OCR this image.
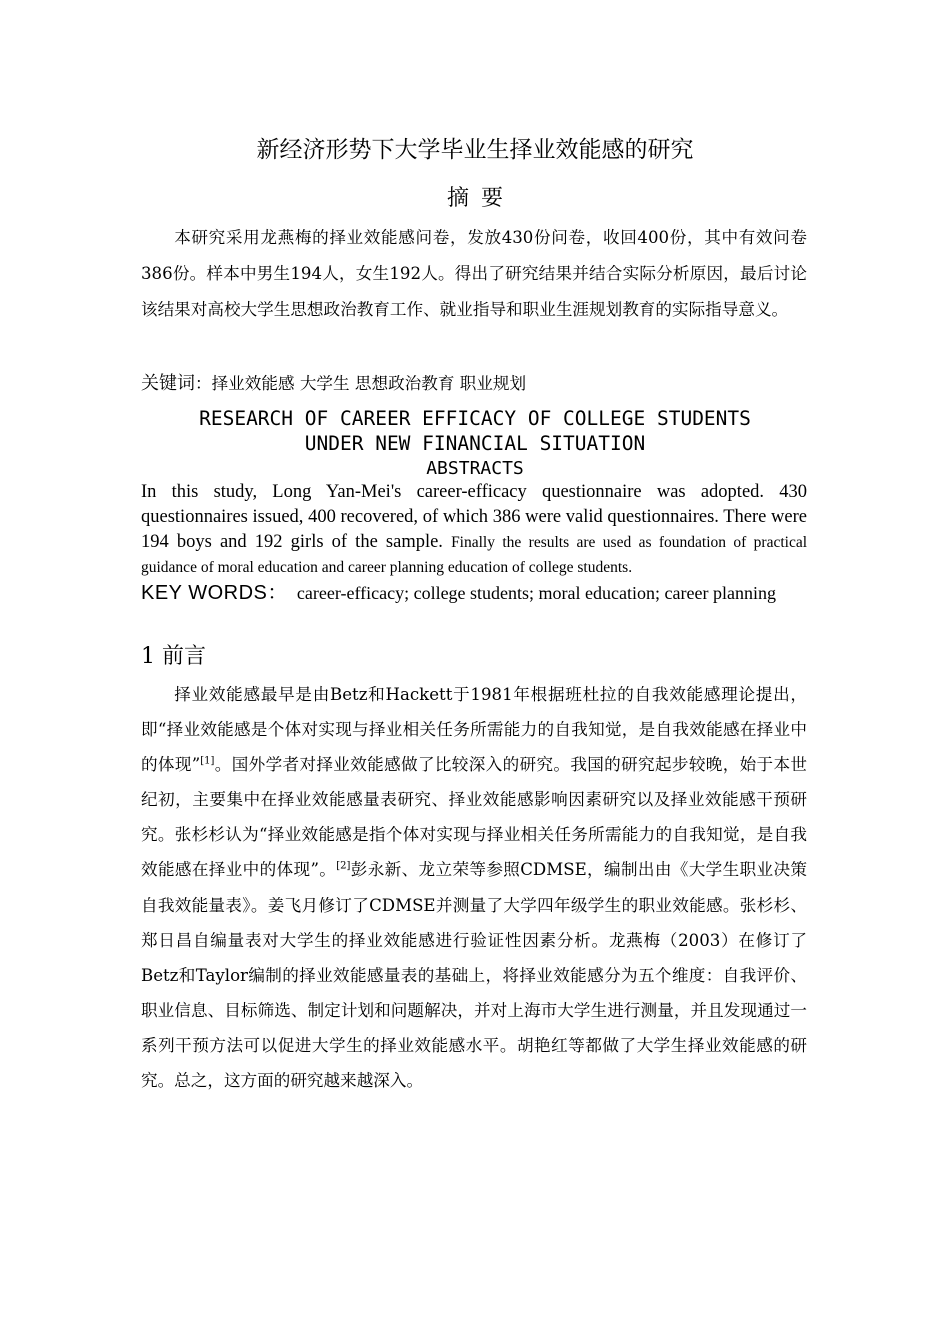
新经济形势下大学毕业生择业效能感的研究
摘要

本研究采用龙燕梅的择业效能感问卷，发放430份问卷，收回400份，其中有效问卷386份。样本中男生194人，女生192人。得出了研究结果并结合实际分析原因，最后讨论该结果对高校大学生思想政治教育工作、就业指导和职业生涯规划教育的实际指导意义。

关键词：择业效能感 大学生 思想政治教育 职业规划
RESEARCH OF CAREER EFFICACY OF COLLEGE STUDENTS
UNDER NEW FINANCIAL SITUATION
ABSTRACTS

In this study, Long Yan-Mei's career-efficacy questionnaire was adopted. 430 questionnaires issued, 400 recovered, of which 386 were valid questionnaires. There were 194 boys and 192 girls of the sample. Finally the results are used as foundation of practical guidance of moral education and career planning education of college students.

KEY WORDS： career-efficacy; college students; moral education; career planning
1 前言

择业效能感最早是由Betz和Hackett于1981年根据班杜拉的自我效能感理论提出，即“择业效能感是个体对实现与择业相关任务所需能力的自我知觉，是自我效能感在择业中的体现”[1]。国外学者对择业效能感做了比较深入的研究。我国的研究起步较晚，始于本世纪初，主要集中在择业效能感量表研究、择业效能感影响因素研究以及择业效能感干预研究。张杉杉认为“择业效能感是指个体对实现与择业相关任务所需能力的自我知觉，是自我效能感在择业中的体现”。[2]彭永新、龙立荣等参照CDMSE，编制出由《大学生职业决策自我效能量表》。姜飞月修订了CDMSE并测量了大学四年级学生的职业效能感。张杉杉、郑日昌自编量表对大学生的择业效能感进行验证性因素分析。龙燕梅（2003）在修订了Betz和Taylor编制的择业效能感量表的基础上，将择业效能感分为五个维度：自我评价、职业信息、目标筛选、制定计划和问题解决，并对上海市大学生进行测量，并且发现通过一系列干预方法可以促进大学生的择业效能感水平。胡艳红等都做了大学生择业效能感的研究。总之，这方面的研究越来越深入。
